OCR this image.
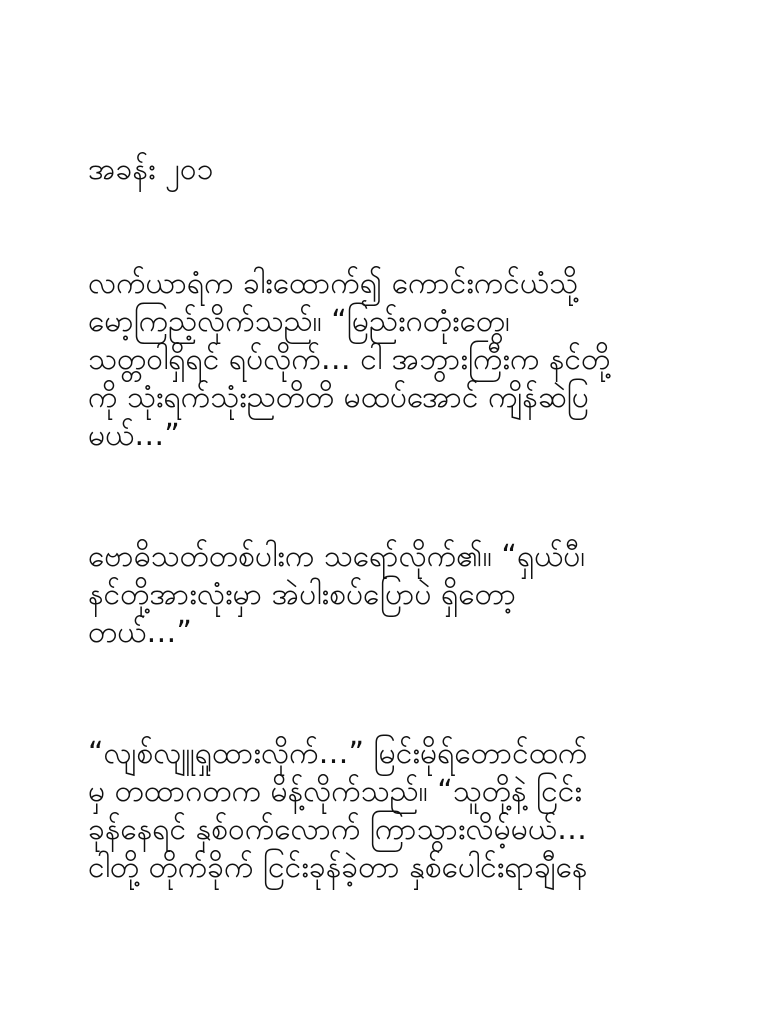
အခန်း ၂၀၁

လက်ယာရံက ခါးထောက်၍ ကောင်းကင်ယံသို့
မော့ကြည့်လိုက်သည်။ “မြည်းဂတုံးတွေ၊
သတ္တဝါရှိရင် ရပ်လိုက်… ငါ အဘွားကြီးက နင်တို့
ကို သုံးရက်သုံးညတိတိ မထပ်အောင် ကျိန်ဆဲပြ
မယ်…”

ဗောဓိသတ်တစ်ပါးက သရော်လိုက်၏။ “ရှယ်ပီ၊
နင်တို့အားလုံးမှာ အဲပါးစပ်ပြောပဲ ရှိတော့
တယ်…”

“လျစ်လျူရှုထားလိုက်…” မြင်းမိုရ်တောင်ထက်
မှ တထာဂတက မိန့်လိုက်သည်။ “သူတို့နဲ့ ငြင်း
ခုန်နေရင် နှစ်ဝက်လောက် ကြာသွားလိမ့်မယ်…
ငါတို့ တိုက်ခိုက် ငြင်းခုန်ခဲ့တာ နှစ်ပေါင်းရာချီနေ
